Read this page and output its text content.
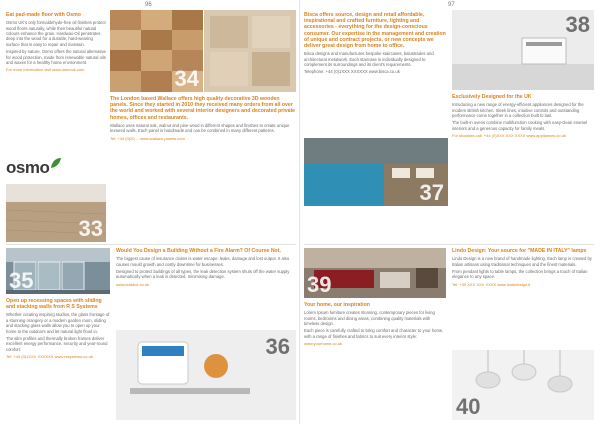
96	97

Eat pad-made floor with Osmo

Osmo UK's only formaldehyde-free oil finishes protect wood floors naturally, while their beautiful natural colours enhance the grain. Hardwax-Oil penetrates deep into the wood for a durable, hard-wearing surface that is easy to repair and maintain.

Inspired by nature, Osmo offers the natural alternative for wood protection, made from renewable natural oils and waxes for a healthy home environment.

For more information visit www.osmouk.com

osmo
33
34

The London based Wallace offers high quality decorative 3D wooden panels. Since they started in 2010 they received many orders from all over the world and worked with several interior designers and decorated private homes, offices and restaurants.

Wallace uses natural oak, walnut and pine wood in different shapes and finishes to create unique textured walls. Each panel is handmade and can be combined in many different patterns.

Tel: +44 (0)20 ... www.wallace-panels.com

35

Open up recessing spaces with sliding and stacking walls from R S Systems

Whether creating inspiring studios, the glass frontage of a stunning orangery or a modern garden room, sliding and stacking glass walls allow you to open up your home to the outdoors and let natural light flood in.

The slim profiles and thermally broken frames deliver excellent energy performance, security and year-round comfort.

Tel: +44 (0)1XXX XXXXXX www.rssystems.co.uk

Would You Design a Building Without a Fire Alarm? Of Course Not.

The biggest cause of insurance claims is water escape: leaks, damage and lost output. It also causes mould growth and costly downtime for businesses.

Designed to protect buildings of all types, the leak detection system shuts off the water supply automatically when a leak is detected, minimising damage.

www.leakbot.co.uk

36

Bisca offers source, design and retail affordable, inspirational and crafted furniture, lighting and accessories - everything for the design-conscious consumer. Our expertise in the management and creation of unique and contract projects, or new concepts we deliver great design from home to office.

Bisca designs and manufactures bespoke staircases, balustrades and architectural metalwork. Each staircase is individually designed to complement its surroundings and its client's requirements.

Telephone: +44 (0)1XXX XXXXXX www.bisca.co.uk

37
38

Exclusively Designed for the UK

Introducing a new range of energy-efficient appliances designed for the modern British kitchen. Sleek lines, intuitive controls and outstanding performance come together in a collection built to last.

The built-in ovens combine multifunction cooking with easy-clean enamel interiors and a generous capacity for family meals.

For stockists call: +44 (0)XXX XXX XXXX www.appliances.co.uk

39

Your home, our inspiration

Lorem Ipsum furniture creates stunning, contemporary pieces for living rooms, bedrooms and dining areas, combining quality materials with timeless design.

Each piece is carefully crafted to bring comfort and character to your home, with a range of finishes and fabrics to suit every interior style.

www.yourhome.co.uk

Lindo Design: Your source for "MADE IN ITALY" lamps

Lindo Design is a new brand of handmade lighting. Each lamp is created by Italian artisans using traditional techniques and the finest materials.

From pendant lights to table lamps, the collection brings a touch of Italian elegance to any space.

Tel: +39 XXX XXX XXXX www.lindodesign.it

40
